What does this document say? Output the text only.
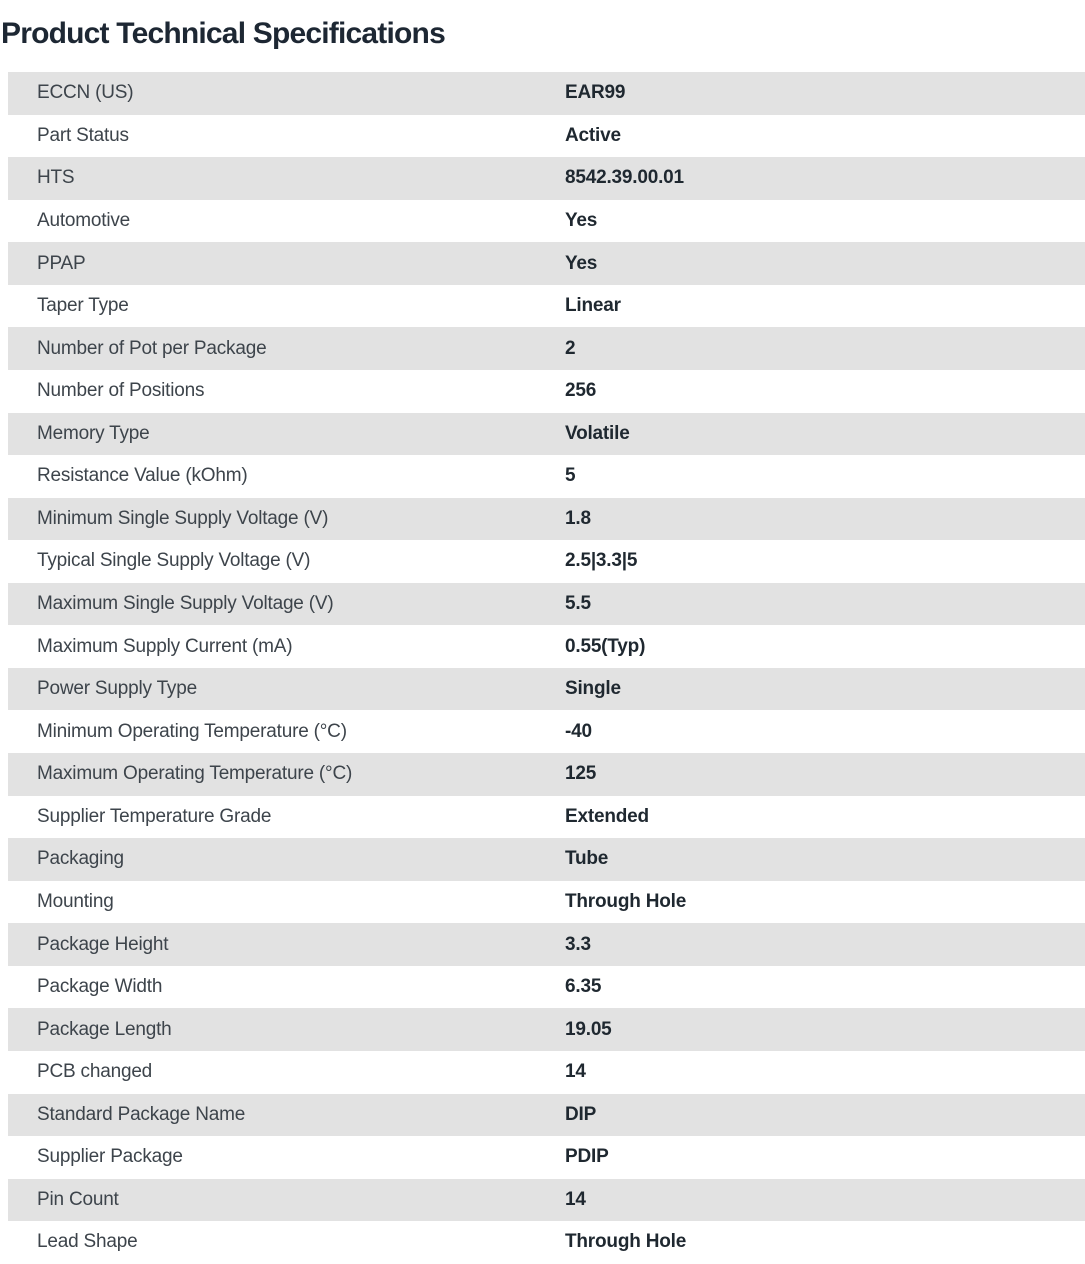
Product Technical Specifications
ECCN (US)	EAR99
Part Status	Active
HTS	8542.39.00.01
Automotive	Yes
PPAP	Yes
Taper Type	Linear
Number of Pot per Package	2
Number of Positions	256
Memory Type	Volatile
Resistance Value (kOhm)	5
Minimum Single Supply Voltage (V)	1.8
Typical Single Supply Voltage (V)	2.5|3.3|5
Maximum Single Supply Voltage (V)	5.5
Maximum Supply Current (mA)	0.55(Typ)
Power Supply Type	Single
Minimum Operating Temperature (°C)	-40
Maximum Operating Temperature (°C)	125
Supplier Temperature Grade	Extended
Packaging	Tube
Mounting	Through Hole
Package Height	3.3
Package Width	6.35
Package Length	19.05
PCB changed	14
Standard Package Name	DIP
Supplier Package	PDIP
Pin Count	14
Lead Shape	Through Hole
